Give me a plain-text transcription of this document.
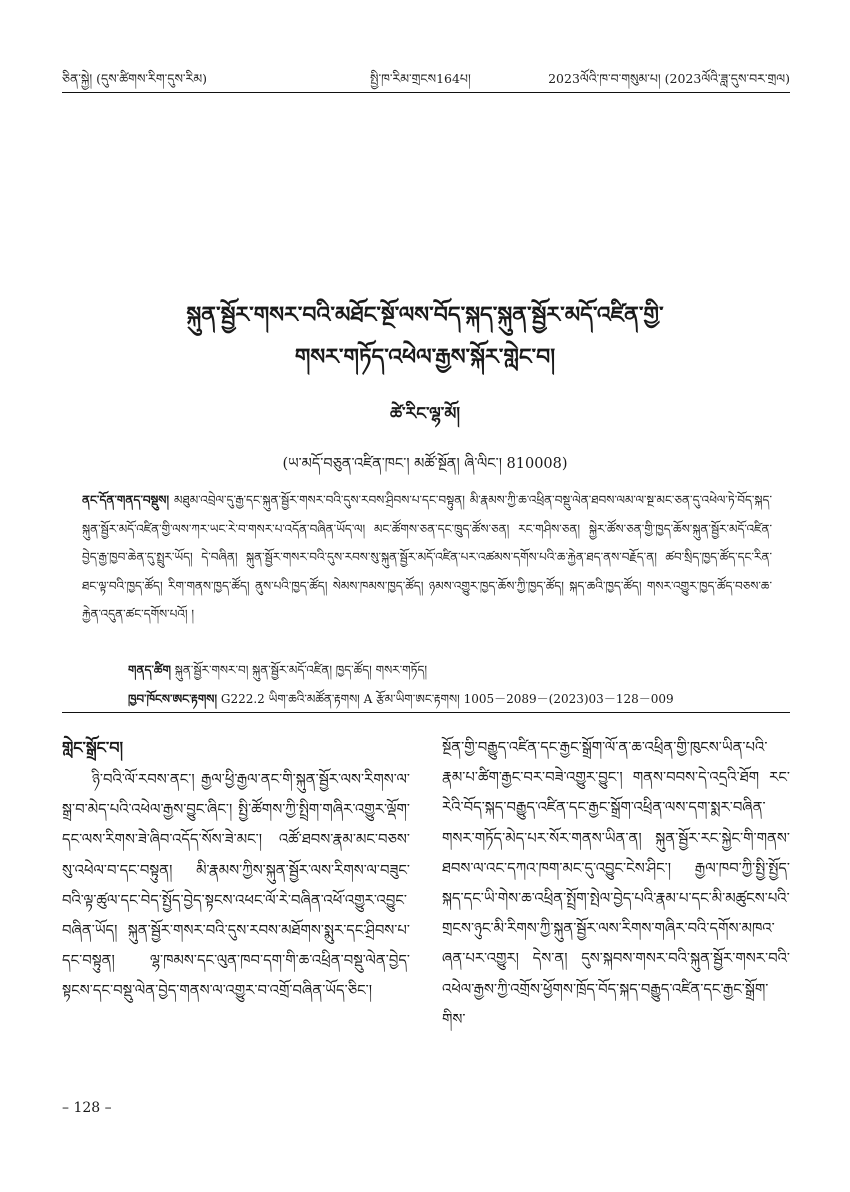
ཅིན་སྐྱེ། (དུས་ཚིགས་རིག་དུས་རིམ)	སྤྱི་ཁ་རིམ་གྲངས164པ།	2023ལོའི་ཁ་བ་གསུམ་པ། (2023ལོའི་ཟླ་དུས་བར་གྲལ)
སྐུན་སྦྱོར་གསར་བའི་མཐོང་སྔོ་ལས་བོད་སྐད་སྐུན་སྦྱོར་མདོ་འཛིན་གྱི་
གསར་གཏོད་འཕེལ་རྒྱས་སྐོར་གླེང་བ།
ཚེ་རིང་ལྷ་མོ།
(ཡ་མདོ་བཅུན་འཛིན་ཁང་། མཚོ་སྔོན། ཞི་ལིང་། 810008)
ནང་དོན་གནད་བསྡུས། མཐུམ་འབྲེལ་དུ་རྒྱ་དང་སྐུན་སྦྱོར་གསར་བའི་དུས་རབས་ཤྲིབས་པ་དང་བསྟུན། མི་རྣམས་ཀྱི་ཆ་འཕྲིན་བསྡུ་ལེན་ཐབས་ལམ་ལ་སྔ་མང་ཅན་དུ་འཕེལ་ཏེ་བོད་སྐད་སྐུན་སྦྱོར་མདོ་འཛིན་གྱི་ལས་ཀར་ཡང་རེ་བ་གསར་པ་འདོན་བཞིན་ཡོད་ལ། མང་ཚོགས་ཅན་དང་ཁྲུད་ཚོས་ཅན། རང་གཤིས་ཅན། སྐྱེར་ཚོས་ཅན་གྱི་ཁྱད་ཆོས་སྐུན་སྦྱོར་མདོ་འཛིན་བྱེད་རྒྱ་ཁྱབ་ཆེན་དུ་སྤྲུར་ཡོད། དེ་བཞིན། སྐུན་སྦྱོར་གསར་བའི་དུས་རབས་སུ་སྐུན་སྦྱོར་མདོ་འཛིན་པར་འཚམས་དགོས་པའི་ཆ་རྐྱེན་ཐད་ནས་བརྗོད་ན། ཚབ་སྲིད་ཁྱད་ཚོད་དང་རིན་ཐང་ལྟ་བའི་ཁྱད་ཚོད། རིག་གནས་ཁྱད་ཚོད། ནུས་པའི་ཁྱད་ཚོད། སེམས་ཁམས་ཁྱད་ཚོད། ཉམས་འགྱུར་ཁྱད་ཆོས་ཀྱི་ཁྱད་ཚོད། སྐད་ཆའི་ཁྱད་ཚོད། གསར་འགྱུར་ཁྱད་ཚོད་བཅས་ཆ་རྐྱེན་འདུན་ཚང་དགོས་པའོ། །
གནད་ཚིག སྐུན་སྦྱོར་གསར་བ། སྐུན་སྦྱོར་མདོ་འཛིན། ཁྱད་ཚོད། གསར་གཏོད།
ཁྱབ་ཁོངས་ཨང་རྟགས། G222.2 ཡིག་ཆའི་མཚོན་རྟགས། A རྩོམ་ཡིག་ཨང་རྟགས། 1005－2089－(2023)03－128－009
གླེང་སྒྲོང་བ།
ཉི་བའི་ལོ་རབས་ནང་། རྒྱལ་ཕྱི་རྒྱལ་ནང་གི་སྐུན་སྦྱོར་ལས་རིགས་ལ་སྒྲ་བ་མེད་པའི་འཕེལ་རྒྱས་བྱུང་ཞིང་། སྤྱི་ཚོགས་ཀྱི་སྤྲིག་གཞིར་འགྱུར་ལྡོག་དང་ལས་རིགས་ཟེ་ཞིབ་འདོད་སོས་ཟེ་མང་། འཚོ་ཐབས་རྣམ་མང་བཅས་སུ་འཕེལ་བ་དང་བསྟུན། མི་རྣམས་ཀྱིས་སྐུན་སྦྱོར་ལས་རིགས་ལ་བཟུང་བའི་ལྟ་ཚུལ་དང་བེད་སྤྱོད་བྱེད་སྟངས་འཕང་ལོ་རེ་བཞིན་འཕོ་འགྱུར་འབྱུང་བཞིན་ཡོད། སྐུན་སྦྱོར་གསར་བའི་དུས་རབས་མཐོགས་སྨུར་དང་ཤྲིབས་པ་དང་བསྟུན། ལྷ་ཁམས་དང་ལུན་ཁབ་དག་གི་ཆ་འཕྲིན་བསྡུ་ལེན་བྱེད་སྟངས་དང་བསྡུ་ལེན་བྱེད་གནས་ལ་འགྱུར་བ་འགྲོ་བཞིན་ཡོད་ཅིང་།
སྔོན་གྱི་བརྒྱུད་འཛིན་དང་རྒྱང་སྒྲོག་ལོ་ན་ཆ་འཕྲིན་གྱི་ཁུངས་ཡིན་པའི་རྣམ་པ་ཚིག་རྒྱང་བར་བཟེ་འགྱུར་བྱུང་། གནས་བབས་དེ་འདྲའི་ཐོག རང་རེའི་བོད་སྐད་བརྒྱུད་འཛིན་དང་རྒྱང་སྒྲོག་འཕྲིན་ལས་དག་སྨར་བཞིན་གསར་གཏོད་མེད་པར་སོར་གནས་ཡིན་ན། སྐུན་སྦྱོར་རང་སྐྱེང་གི་གནས་ཐབས་ལ་འང་དཀའ་ཁག་མང་དུ་འབྱུང་ངེས་ཤིང་། རྒྱལ་ཁབ་ཀྱི་སྤྱི་སྤྱོད་སྐད་དང་ཡི་གེས་ཆ་འཕྲིན་སྤྲོག་སྤེལ་བྱེད་པའི་རྣམ་པ་དང་མི་མཚུངས་པའི་གྲངས་ཉུང་མི་རིགས་ཀྱི་སྐུན་སྦྱོར་ལས་རིགས་གཞིར་བའི་དགོས་མཁའ་ཞན་པར་འགྱུར། དེས་ན། དུས་སྐབས་གསར་བའི་སྐུན་སྦྱོར་གསར་བའི་འཕེལ་རྒྱས་ཀྱི་འགྲོས་ཕྱོགས་ཁྲོད་བོད་སྐད་བརྒྱུད་འཛིན་དང་རྒྱང་སྒྲོག་གིས་
– 128 –
